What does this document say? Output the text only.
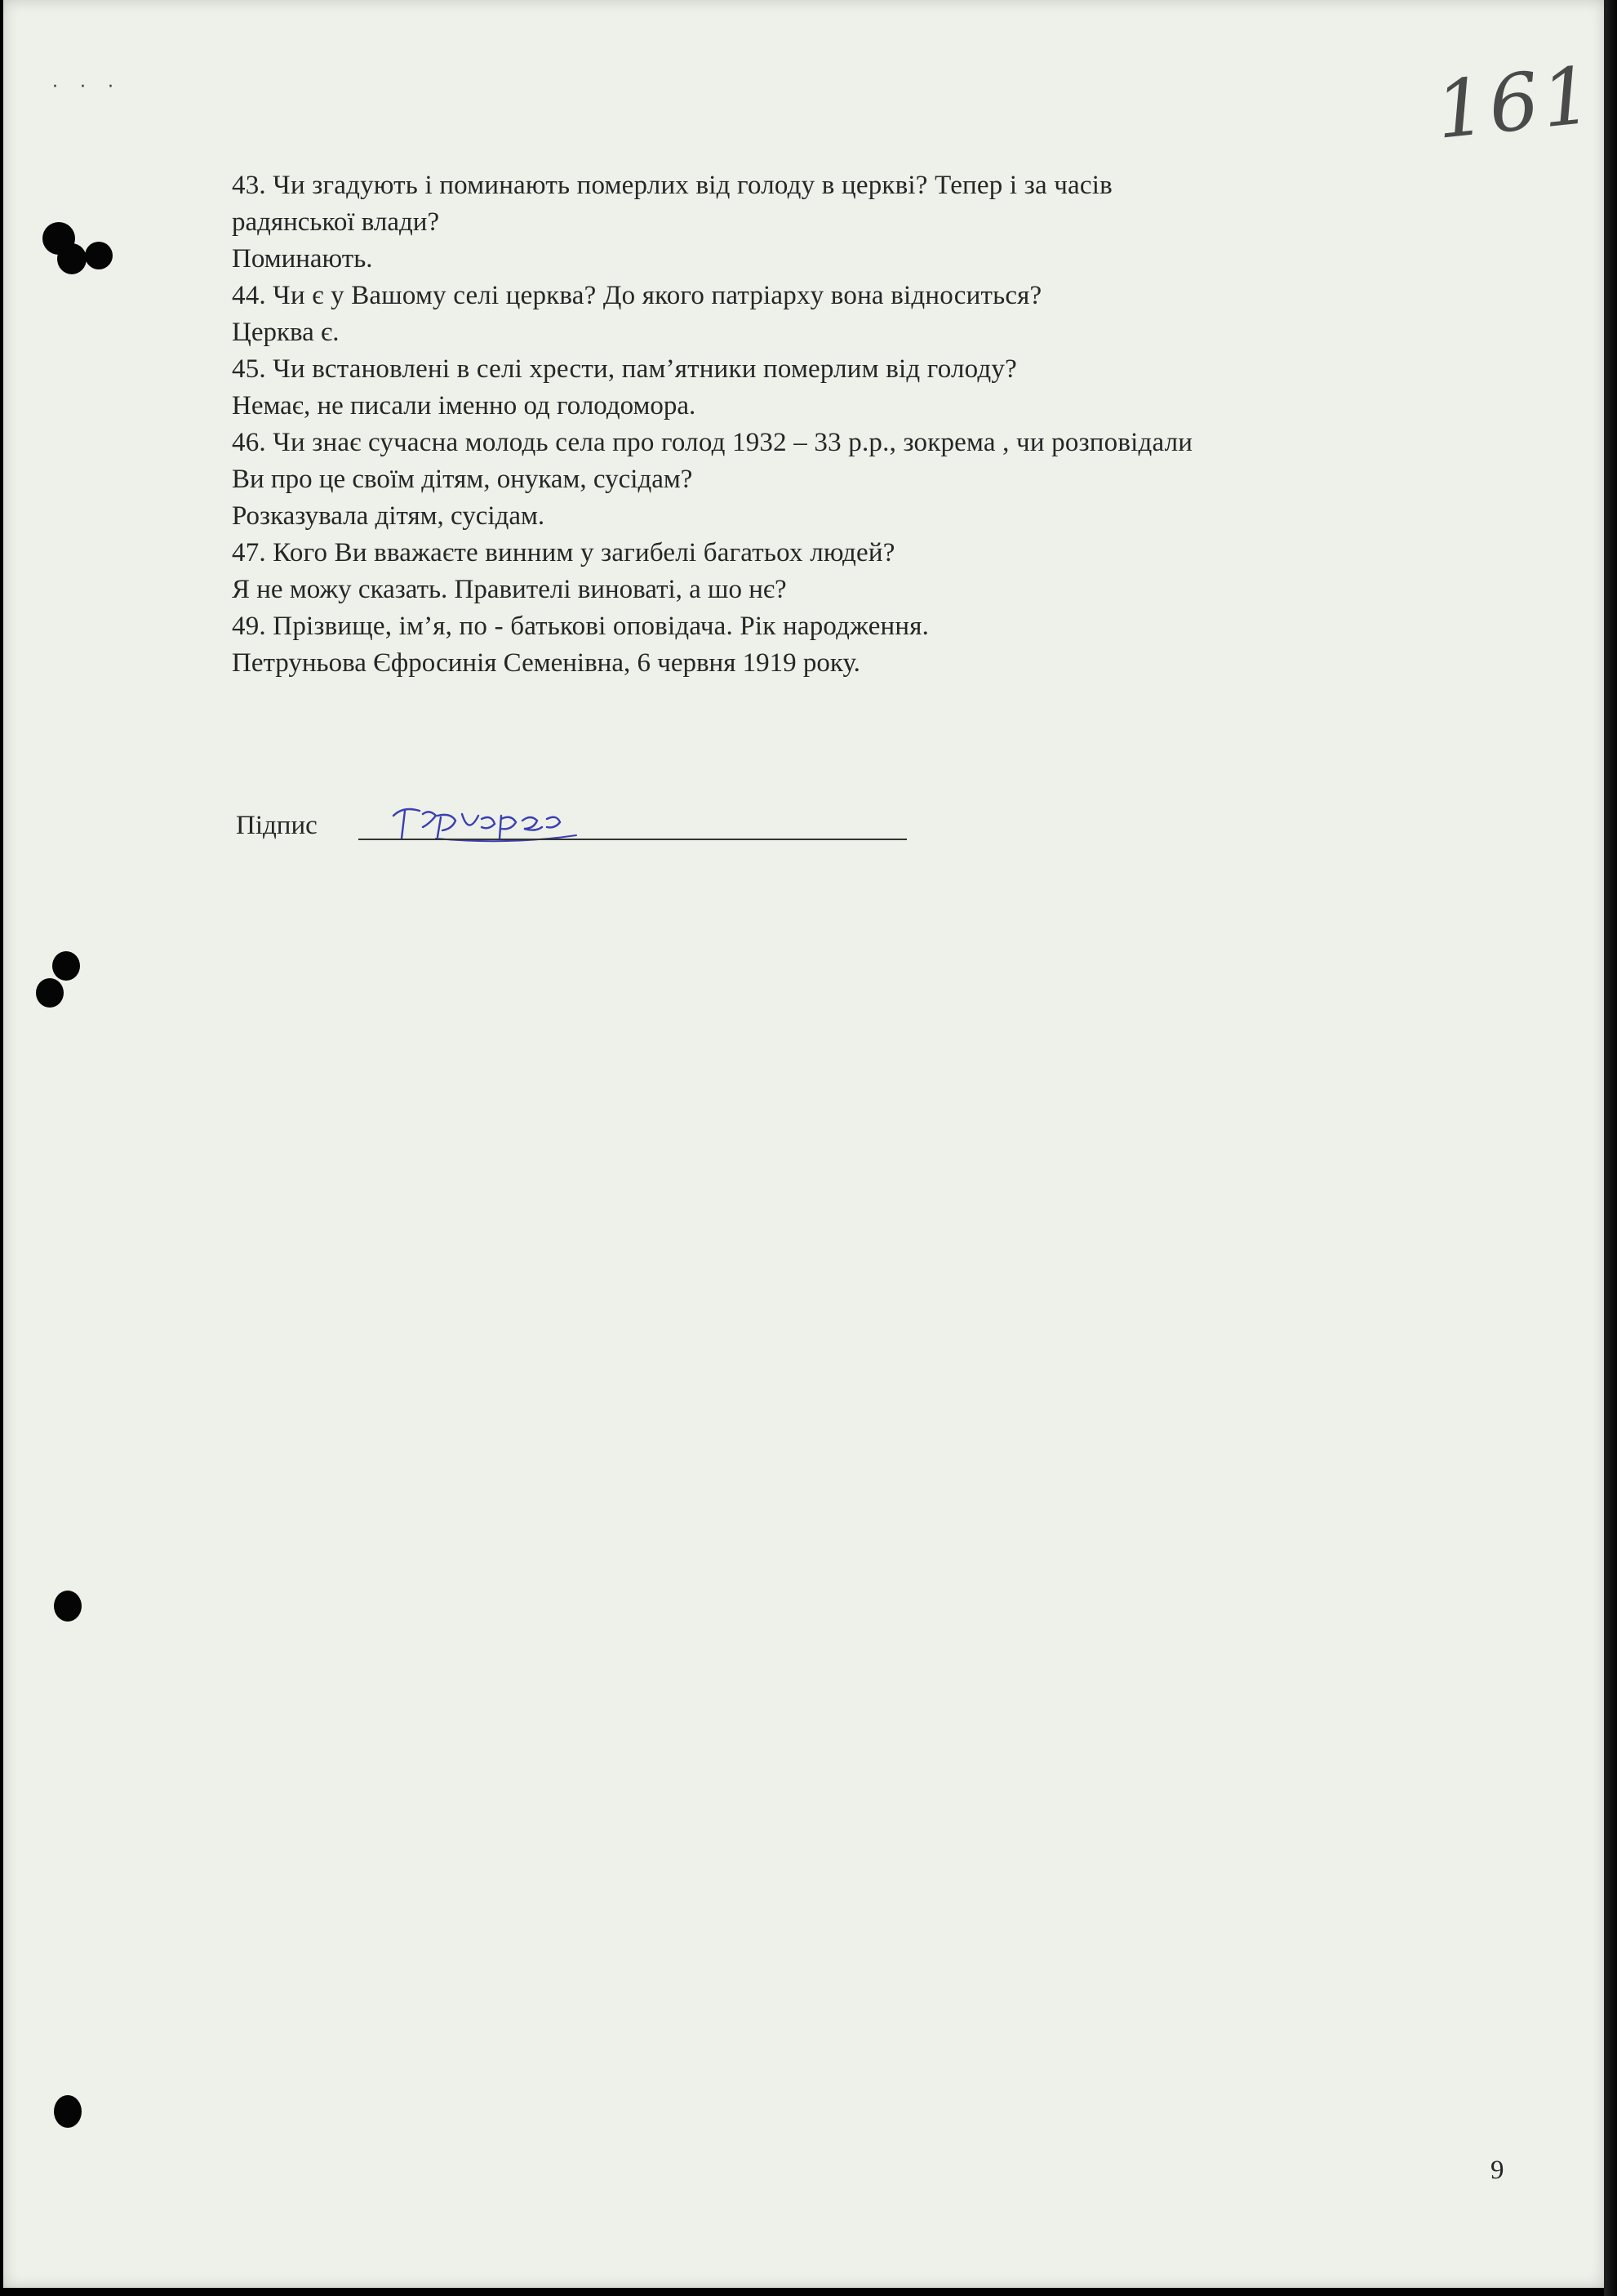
· · ·	161
43. Чи згадують і поминають померлих від голоду в церкві? Тепер і за часів
радянської влади?
Поминають.
44. Чи є у Вашому селі церква? До якого патріархy вона відноситься?
Церква є.
45. Чи встановлені в селі хрести, пам’ятники померлим від голоду?
Немає, не писали іменно од голодомора.
46. Чи знає сучасна молодь села про голод 1932 – 33 р.р., зокрема , чи розповідали
Ви про це своїм дітям, онукам, сусідам?
Розказувала дітям, сусідам.
47. Кого Ви вважаєте винним у загибелі багатьох людей?
Я не можу сказать. Правителі виноваті, а шо нє?
49. Прізвище, ім’я, по - батькові оповідача. Рік народження.
Петруньова Єфросинія Семенівна, 6 червня 1919 року.
Підпис
9
